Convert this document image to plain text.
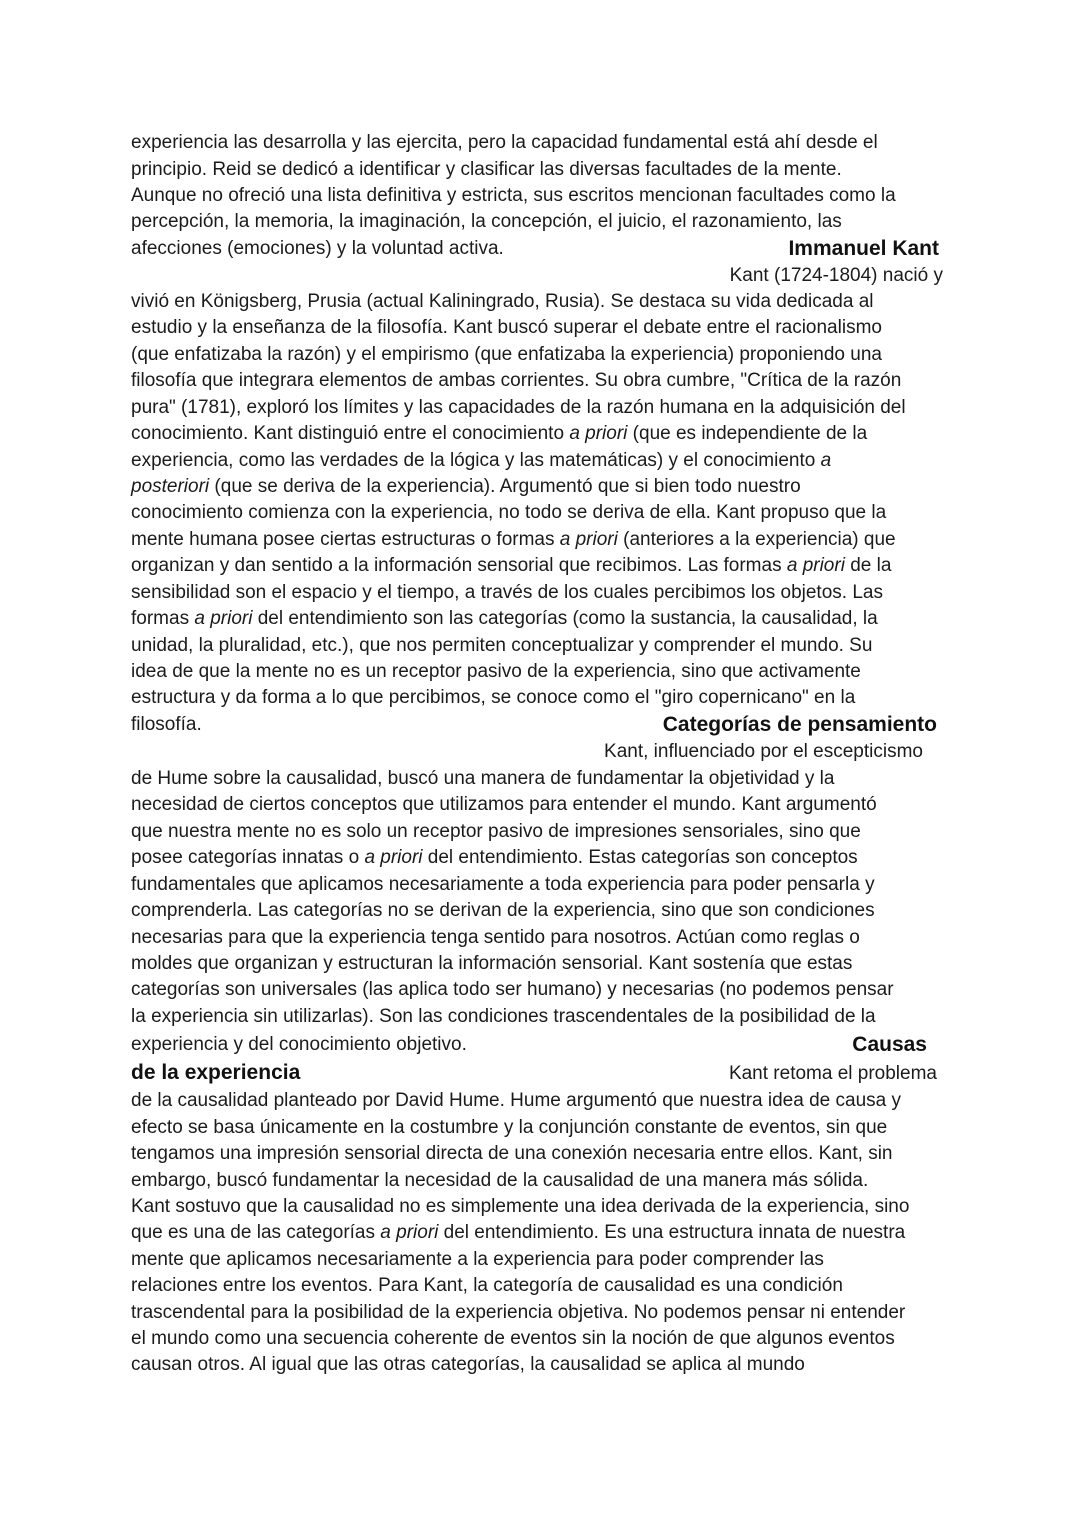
experiencia las desarrolla y las ejercita, pero la capacidad fundamental está ahí desde el
principio. Reid se dedicó a identificar y clasificar las diversas facultades de la mente.
Aunque no ofreció una lista definitiva y estricta, sus escritos mencionan facultades como la
percepción, la memoria, la imaginación, la concepción, el juicio, el razonamiento, las
afecciones (emociones) y la voluntad activa.	Immanuel Kant
Kant (1724-1804) nació y
vivió en Königsberg, Prusia (actual Kaliningrado, Rusia). Se destaca su vida dedicada al
estudio y la enseñanza de la filosofía. Kant buscó superar el debate entre el racionalismo
(que enfatizaba la razón) y el empirismo (que enfatizaba la experiencia) proponiendo una
filosofía que integrara elementos de ambas corrientes. Su obra cumbre, "Crítica de la razón
pura" (1781), exploró los límites y las capacidades de la razón humana en la adquisición del
conocimiento. Kant distinguió entre el conocimiento a priori (que es independiente de la
experiencia, como las verdades de la lógica y las matemáticas) y el conocimiento a
posteriori (que se deriva de la experiencia). Argumentó que si bien todo nuestro
conocimiento comienza con la experiencia, no todo se deriva de ella. Kant propuso que la
mente humana posee ciertas estructuras o formas a priori (anteriores a la experiencia) que
organizan y dan sentido a la información sensorial que recibimos. Las formas a priori de la
sensibilidad son el espacio y el tiempo, a través de los cuales percibimos los objetos. Las
formas a priori del entendimiento son las categorías (como la sustancia, la causalidad, la
unidad, la pluralidad, etc.), que nos permiten conceptualizar y comprender el mundo. Su
idea de que la mente no es un receptor pasivo de la experiencia, sino que activamente
estructura y da forma a lo que percibimos, se conoce como el "giro copernicano" en la
filosofía.	Categorías de pensamiento
Kant, influenciado por el escepticismo
de Hume sobre la causalidad, buscó una manera de fundamentar la objetividad y la
necesidad de ciertos conceptos que utilizamos para entender el mundo. Kant argumentó
que nuestra mente no es solo un receptor pasivo de impresiones sensoriales, sino que
posee categorías innatas o a priori del entendimiento. Estas categorías son conceptos
fundamentales que aplicamos necesariamente a toda experiencia para poder pensarla y
comprenderla. Las categorías no se derivan de la experiencia, sino que son condiciones
necesarias para que la experiencia tenga sentido para nosotros. Actúan como reglas o
moldes que organizan y estructuran la información sensorial. Kant sostenía que estas
categorías son universales (las aplica todo ser humano) y necesarias (no podemos pensar
la experiencia sin utilizarlas). Son las condiciones trascendentales de la posibilidad de la
experiencia y del conocimiento objetivo.	Causas
de la experiencia	Kant retoma el problema
de la causalidad planteado por David Hume. Hume argumentó que nuestra idea de causa y
efecto se basa únicamente en la costumbre y la conjunción constante de eventos, sin que
tengamos una impresión sensorial directa de una conexión necesaria entre ellos. Kant, sin
embargo, buscó fundamentar la necesidad de la causalidad de una manera más sólida.
Kant sostuvo que la causalidad no es simplemente una idea derivada de la experiencia, sino
que es una de las categorías a priori del entendimiento. Es una estructura innata de nuestra
mente que aplicamos necesariamente a la experiencia para poder comprender las
relaciones entre los eventos. Para Kant, la categoría de causalidad es una condición
trascendental para la posibilidad de la experiencia objetiva. No podemos pensar ni entender
el mundo como una secuencia coherente de eventos sin la noción de que algunos eventos
causan otros. Al igual que las otras categorías, la causalidad se aplica al mundo
